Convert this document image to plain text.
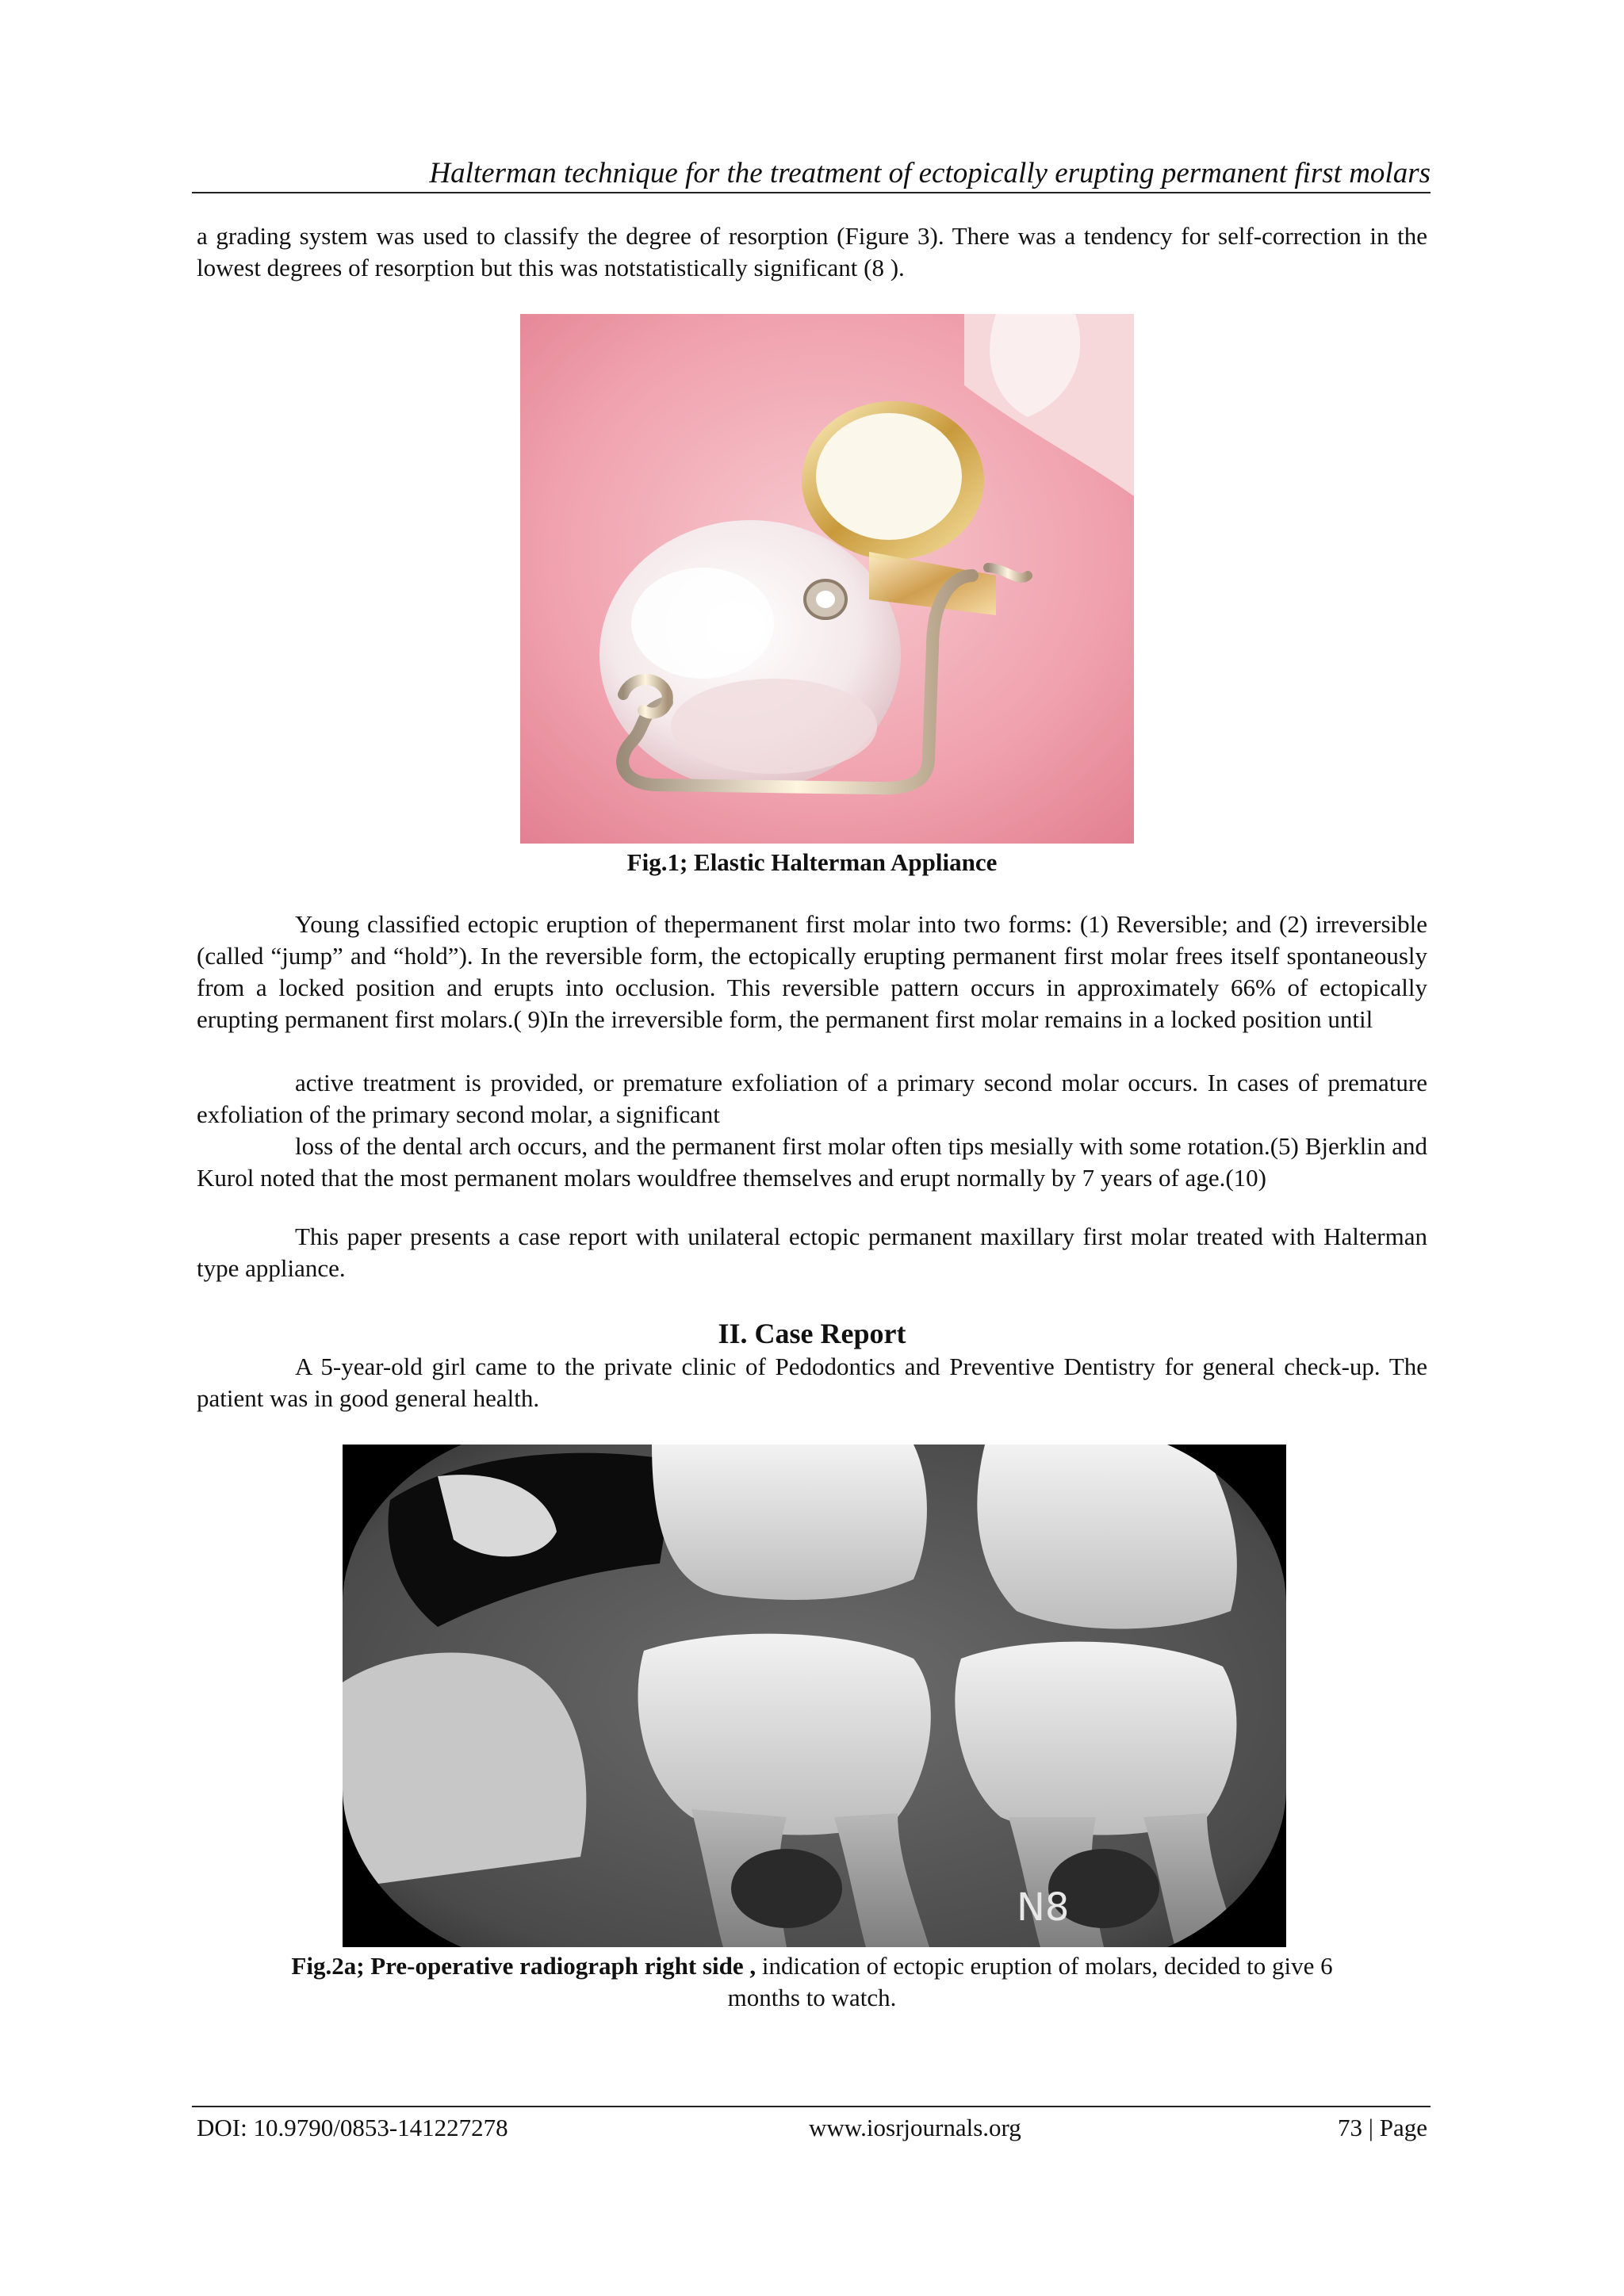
Halterman technique for the treatment of ectopically erupting permanent first molars
a grading system was used to classify the degree of resorption (Figure 3). There was a tendency for self-correction in the lowest degrees of resorption but this was notstatistically significant (8 ).
Fig.1; Elastic Halterman Appliance
Young classified ectopic eruption of thepermanent first molar into two forms: (1) Reversible; and (2) irreversible (called “jump” and “hold”). In the reversible form, the ectopically erupting permanent first molar frees itself spontaneously from a locked position and erupts into occlusion. This reversible pattern occurs in approximately 66% of ectopically erupting permanent first molars.( 9)In the irreversible form, the permanent first molar remains in a locked position until
active treatment is provided, or premature exfoliation of a primary second molar occurs. In cases of premature exfoliation of the primary second molar, a significant
loss of the dental arch occurs, and the permanent first molar often tips mesially with some rotation.(5) Bjerklin and Kurol noted that the most permanent molars wouldfree themselves and erupt normally by 7 years of age.(10)
This paper presents a case report with unilateral ectopic permanent maxillary first molar treated with Halterman type appliance.
II. Case Report
A 5-year-old girl came to the private clinic of Pedodontics and Preventive Dentistry for general check-up. The patient was in good general health.
N8
Fig.2a; Pre-operative radiograph right side , indication of ectopic eruption of molars, decided to give 6
months to watch.
DOI: 10.9790/0853-141227278	www.iosrjournals.org	73 | Page
